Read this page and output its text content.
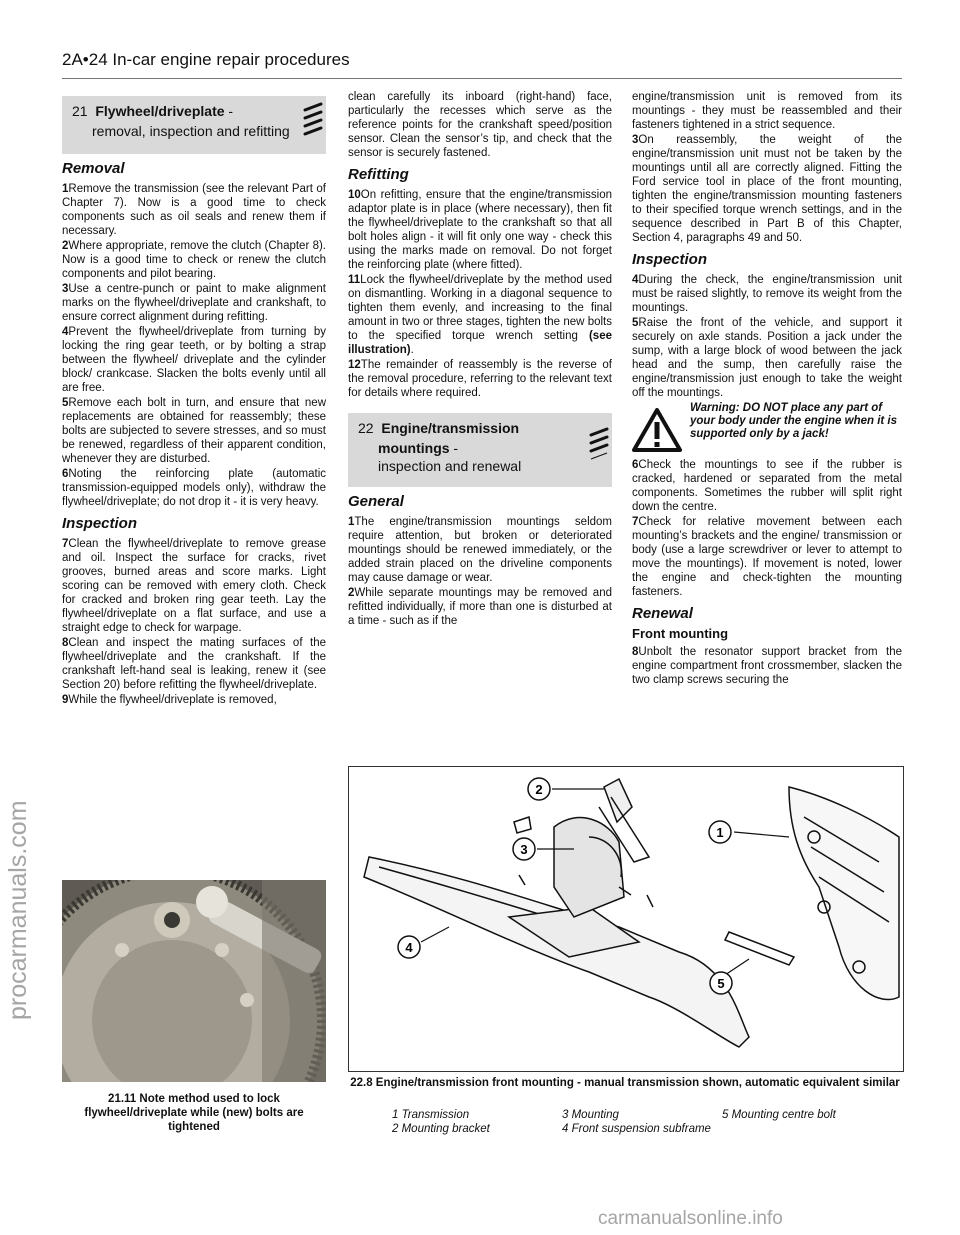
2A•24 In-car engine repair procedures
21 Flywheel/driveplate -
removal, inspection and refitting
Removal

1Remove the transmission (see the relevant Part of Chapter 7). Now is a good time to check components such as oil seals and renew them if necessary.

2Where appropriate, remove the clutch (Chapter 8). Now is a good time to check or renew the clutch components and pilot bearing.

3Use a centre-punch or paint to make alignment marks on the flywheel/driveplate and crankshaft, to ensure correct alignment during refitting.

4Prevent the flywheel/driveplate from turning by locking the ring gear teeth, or by bolting a strap between the flywheel/ driveplate and the cylinder block/ crankcase. Slacken the bolts evenly until all are free.

5Remove each bolt in turn, and ensure that new replacements are obtained for reassembly; these bolts are subjected to severe stresses, and so must be renewed, regardless of their apparent condition, whenever they are disturbed.

6Noting the reinforcing plate (automatic transmission-equipped models only), withdraw the flywheel/driveplate; do not drop it - it is very heavy.

Inspection

7Clean the flywheel/driveplate to remove grease and oil. Inspect the surface for cracks, rivet grooves, burned areas and score marks. Light scoring can be removed with emery cloth. Check for cracked and broken ring gear teeth. Lay the flywheel/driveplate on a flat surface, and use a straight edge to check for warpage.

8Clean and inspect the mating surfaces of the flywheel/driveplate and the crankshaft. If the crankshaft left-hand seal is leaking, renew it (see Section 20) before refitting the flywheel/driveplate.

9While the flywheel/driveplate is removed,

clean carefully its inboard (right-hand) face, particularly the recesses which serve as the reference points for the crankshaft speed/position sensor. Clean the sensor’s tip, and check that the sensor is securely fastened.

Refitting

10On refitting, ensure that the engine/transmission adaptor plate is in place (where necessary), then fit the flywheel/driveplate to the crankshaft so that all bolt holes align - it will fit only one way - check this using the marks made on removal. Do not forget the reinforcing plate (where fitted).

11Lock the flywheel/driveplate by the method used on dismantling. Working in a diagonal sequence to tighten them evenly, and increasing to the final amount in two or three stages, tighten the new bolts to the specified torque wrench setting (see illustration).

12The remainder of reassembly is the reverse of the removal procedure, referring to the relevant text for details where required.

22 Engine/transmission
mountings -
inspection and renewal
General

1The engine/transmission mountings seldom require attention, but broken or deteriorated mountings should be renewed immediately, or the added strain placed on the driveline components may cause damage or wear.

2While separate mountings may be removed and refitted individually, if more than one is disturbed at a time - such as if the

engine/transmission unit is removed from its mountings - they must be reassembled and their fasteners tightened in a strict sequence.

3On reassembly, the weight of the engine/transmission unit must not be taken by the mountings until all are correctly aligned. Fitting the Ford service tool in place of the front mounting, tighten the engine/transmission mounting fasteners to their specified torque wrench settings, and in the sequence described in Part B of this Chapter, Section 4, paragraphs 49 and 50.

Inspection

4During the check, the engine/transmission unit must be raised slightly, to remove its weight from the mountings.

5Raise the front of the vehicle, and support it securely on axle stands. Position a jack under the sump, with a large block of wood between the jack head and the sump, then carefully raise the engine/transmission just enough to take the weight off the mountings.

Warning: DO NOT place any part of your body under the engine when it is supported only by a jack!

6Check the mountings to see if the rubber is cracked, hardened or separated from the metal components. Sometimes the rubber will split right down the centre.

7Check for relative movement between each mounting’s brackets and the engine/ transmission or body (use a large screwdriver or lever to attempt to move the mountings). If movement is noted, lower the engine and check-tighten the mounting fasteners.

Renewal
Front mounting

8Unbolt the resonator support bracket from the engine compartment front crossmember, slacken the two clamp screws securing the

21.11 Note method used to lock flywheel/driveplate while (new) bolts are tightened
1
2
3
4
5
22.8 Engine/transmission front mounting - manual transmission shown, automatic equivalent similar
1 Transmission
2 Mounting bracket
3 Mounting
4 Front suspension subframe
5 Mounting centre bolt
procarmanuals.com
carmanualsonline.info
